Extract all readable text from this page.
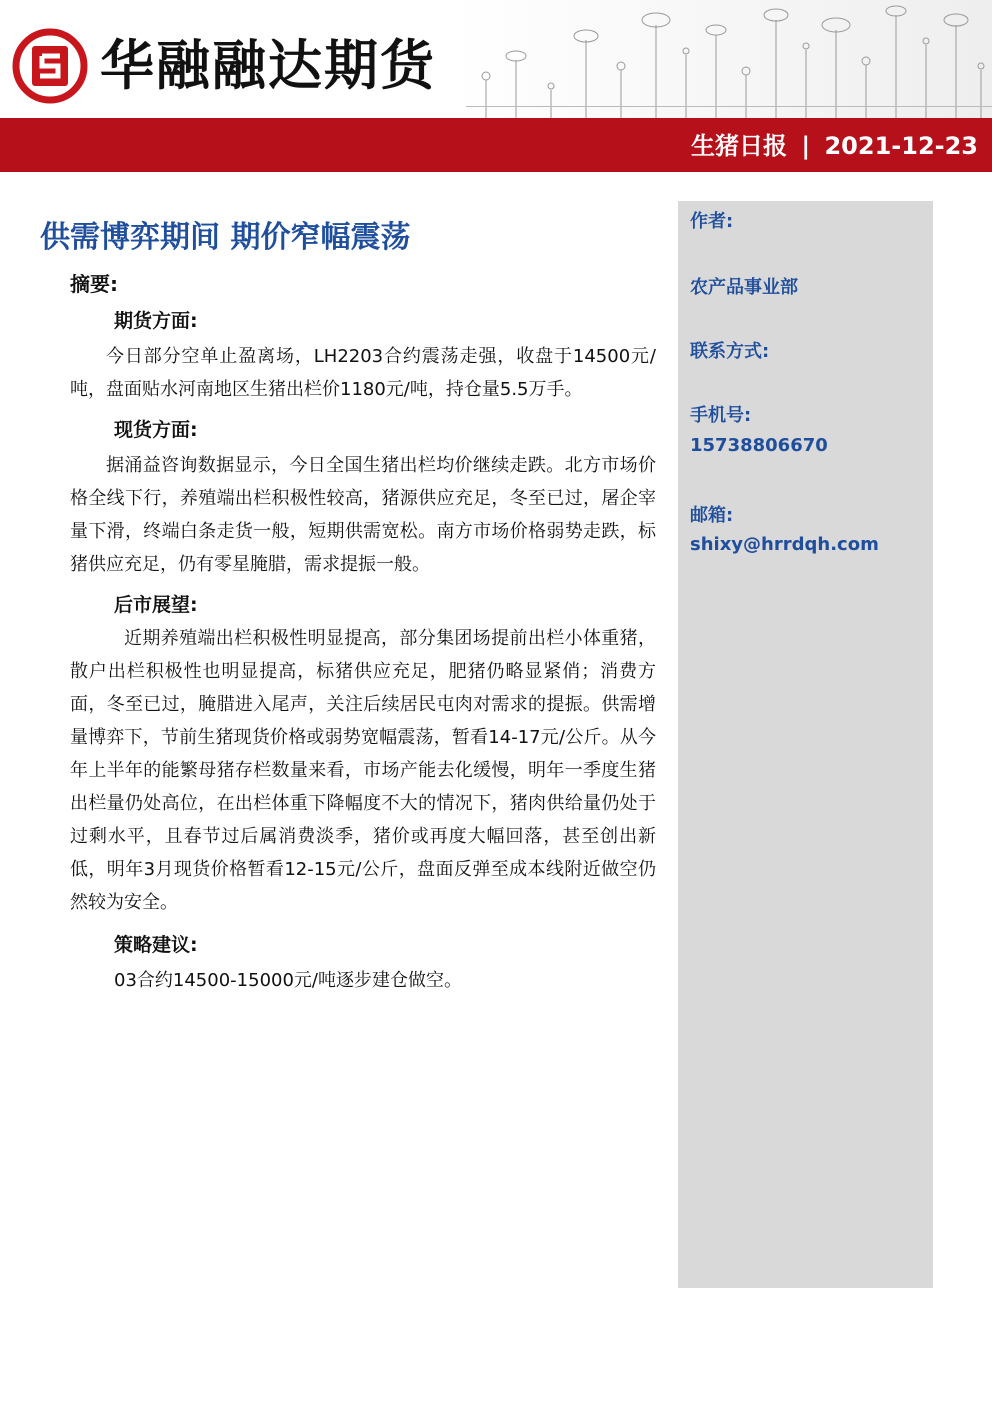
华融融达期货
生猪日报 | 2021-12-23
供需博弈期间 期价窄幅震荡
摘要:
期货方面:

今日部分空单止盈离场，LH2203合约震荡走强，收盘于14500元/吨，盘面贴水河南地区生猪出栏价1180元/吨，持仓量5.5万手。

现货方面:

据涌益咨询数据显示，今日全国生猪出栏均价继续走跌。北方市场价格全线下行，养殖端出栏积极性较高，猪源供应充足，冬至已过，屠企宰量下滑，终端白条走货一般，短期供需宽松。南方市场价格弱势走跌，标猪供应充足，仍有零星腌腊，需求提振一般。

后市展望:

近期养殖端出栏积极性明显提高，部分集团场提前出栏小体重猪，散户出栏积极性也明显提高，标猪供应充足，肥猪仍略显紧俏；消费方面，冬至已过，腌腊进入尾声，关注后续居民屯肉对需求的提振。供需增量博弈下，节前生猪现货价格或弱势宽幅震荡，暂看14-17元/公斤。从今年上半年的能繁母猪存栏数量来看，市场产能去化缓慢，明年一季度生猪出栏量仍处高位，在出栏体重下降幅度不大的情况下，猪肉供给量仍处于过剩水平，且春节过后属消费淡季，猪价或再度大幅回落，甚至创出新低，明年3月现货价格暂看12-15元/公斤，盘面反弹至成本线附近做空仍然较为安全。

策略建议:

03合约14500-15000元/吨逐步建仓做空。

作者:
农产品事业部
联系方式:
手机号:
15738806670
邮箱:
shixy@hrrdqh.com
